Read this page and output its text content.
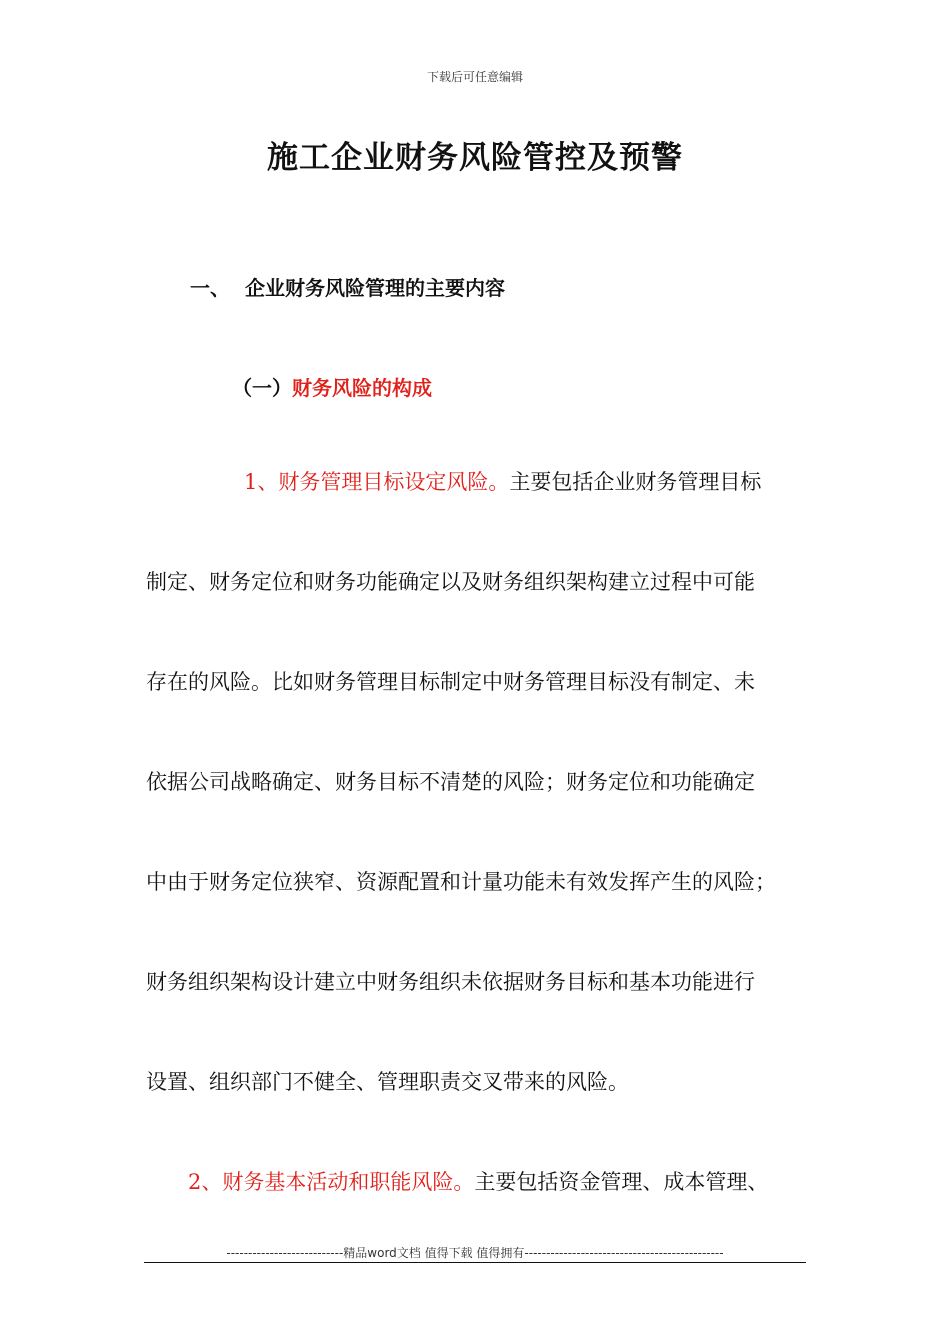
下载后可任意编辑
施工企业财务风险管控及预警
一、 企业财务风险管理的主要内容
（一）财务风险的构成
1、财务管理目标设定风险。主要包括企业财务管理目标
制定、财务定位和财务功能确定以及财务组织架构建立过程中可能
存在的风险。比如财务管理目标制定中财务管理目标没有制定、未
依据公司战略确定、财务目标不清楚的风险；财务定位和功能确定
中由于财务定位狭窄、资源配置和计量功能未有效发挥产生的风险；
财务组织架构设计建立中财务组织未依据财务目标和基本功能进行
设置、组织部门不健全、管理职责交叉带来的风险。
2、财务基本活动和职能风险。主要包括资金管理、成本管理、
---------------------------精品word文档 值得下载 值得拥有----------------------------------------------
